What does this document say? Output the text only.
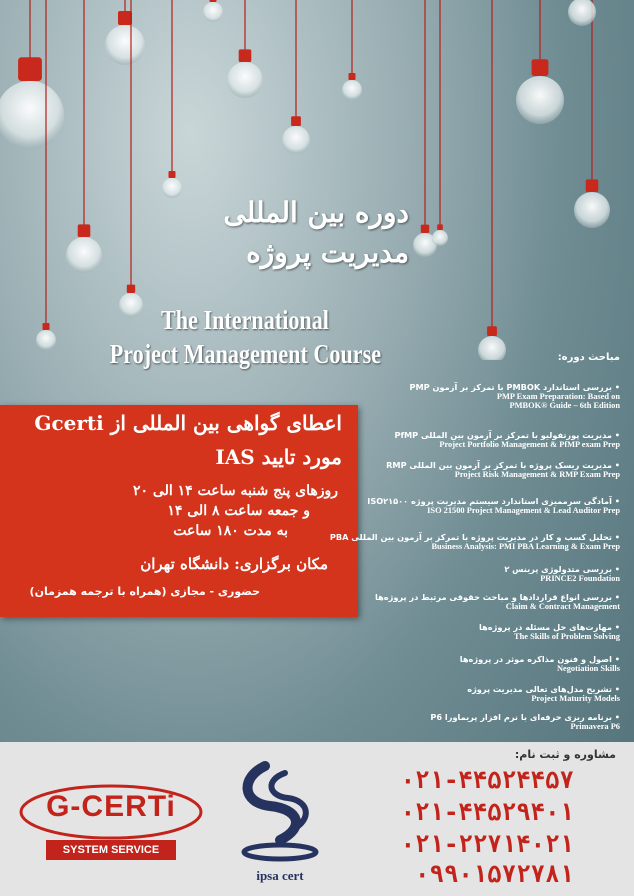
دوره بین المللی
مدیریت پروژه
The International
Project Management Course
اعطای گواهی بین المللی از Gcerti
مورد تایید IAS
روزهای پنج شنبه ساعت ۱۴ الی ۲۰
و جمعه ساعت ۸ الی ۱۴
به مدت ۱۸۰ ساعت
مکان برگزاری: دانشگاه تهران
حضوری - مجازی (همراه با ترجمه همزمان)
مباحث دوره:
• بررسی استاندارد PMBOK با تمرکز بر آزمون PMP
PMP Exam Preparation: Based on
PMBOK® Guide – 6th Edition
• مدیریت پورتفولیو با تمرکز بر آزمون بین المللی PfMP
Project Portfolio Management & PfMP exam Prep
• مدیریت ریسک پروژه با تمرکز بر آزمون بین المللی RMP
Project Risk Management & RMP Exam Prep
• آمادگی سرممیزی استاندارد سیستم مدیریت پروژه ISO۲۱۵۰۰
ISO 21500 Project Management & Lead Auditor Prep
• تحلیل کسب و کار در مدیریت پروژه با تمرکز بر آزمون بین المللی PBA
Business Analysis: PMI PBA Learning & Exam Prep
• بررسی متدولوژی پرینس ۲
PRINCE2 Foundation
• بررسی انواع قراردادها و مباحث حقوقی مرتبط در پروژه‌ها
Claim & Contract Management
• مهارت‌های حل مسئله در پروژه‌ها
The Skills of Problem Solving
• اصول و فنون مذاکره موثر در پروژه‌ها
Negotiation Skills
• تشریح مدل‌های تعالی مدیریت پروژه
Project Maturity Models
• برنامه ریزی حرفه‌ای با نرم افزار پریماورا P6
Primavera P6
مشاوره و ثبت نام:
۰۲۱-۴۴۵۲۴۴۵۷
۰۲۱-۴۴۵۲۹۴۰۱
۰۲۱-۲۲۷۱۴۰۲۱
۰۹۹۰۱۵۷۲۷۸۱
ipsa cert
G-CERTi
SYSTEM SERVICE
